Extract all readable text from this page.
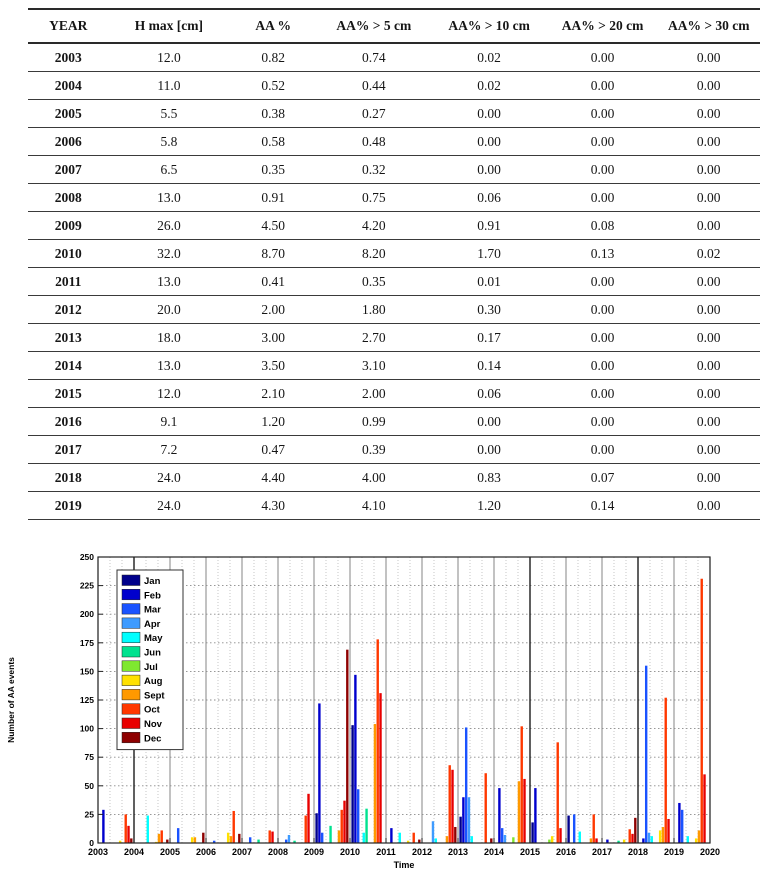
YEAR	H max [cm]	AA %	AA% > 5 cm	AA% > 10 cm	AA% > 20 cm	AA% > 30 cm
2003	12.0	0.82	0.74	0.02	0.00	0.00
2004	11.0	0.52	0.44	0.02	0.00	0.00
2005	5.5	0.38	0.27	0.00	0.00	0.00
2006	5.8	0.58	0.48	0.00	0.00	0.00
2007	6.5	0.35	0.32	0.00	0.00	0.00
2008	13.0	0.91	0.75	0.06	0.00	0.00
2009	26.0	4.50	4.20	0.91	0.08	0.00
2010	32.0	8.70	8.20	1.70	0.13	0.02
2011	13.0	0.41	0.35	0.01	0.00	0.00
2012	20.0	2.00	1.80	0.30	0.00	0.00
2013	18.0	3.00	2.70	0.17	0.00	0.00
2014	13.0	3.50	3.10	0.14	0.00	0.00
2015	12.0	2.10	2.00	0.06	0.00	0.00
2016	9.1	1.20	0.99	0.00	0.00	0.00
2017	7.2	0.47	0.39	0.00	0.00	0.00
2018	24.0	4.40	4.00	0.83	0.07	0.00
2019	24.0	4.30	4.10	1.20	0.14	0.00
0
25
50
75
100
125
150
175
200
225
250
2003 2004 2005 2006 2007 2008 2009 2010 2011 2012 2013 2014 2015 2016 2017 2018 2019 2020
Number of AA events
Time
Jan
Feb
Mar
Apr
May
Jun
Jul
Aug
Sept
Oct
Nov
Dec
